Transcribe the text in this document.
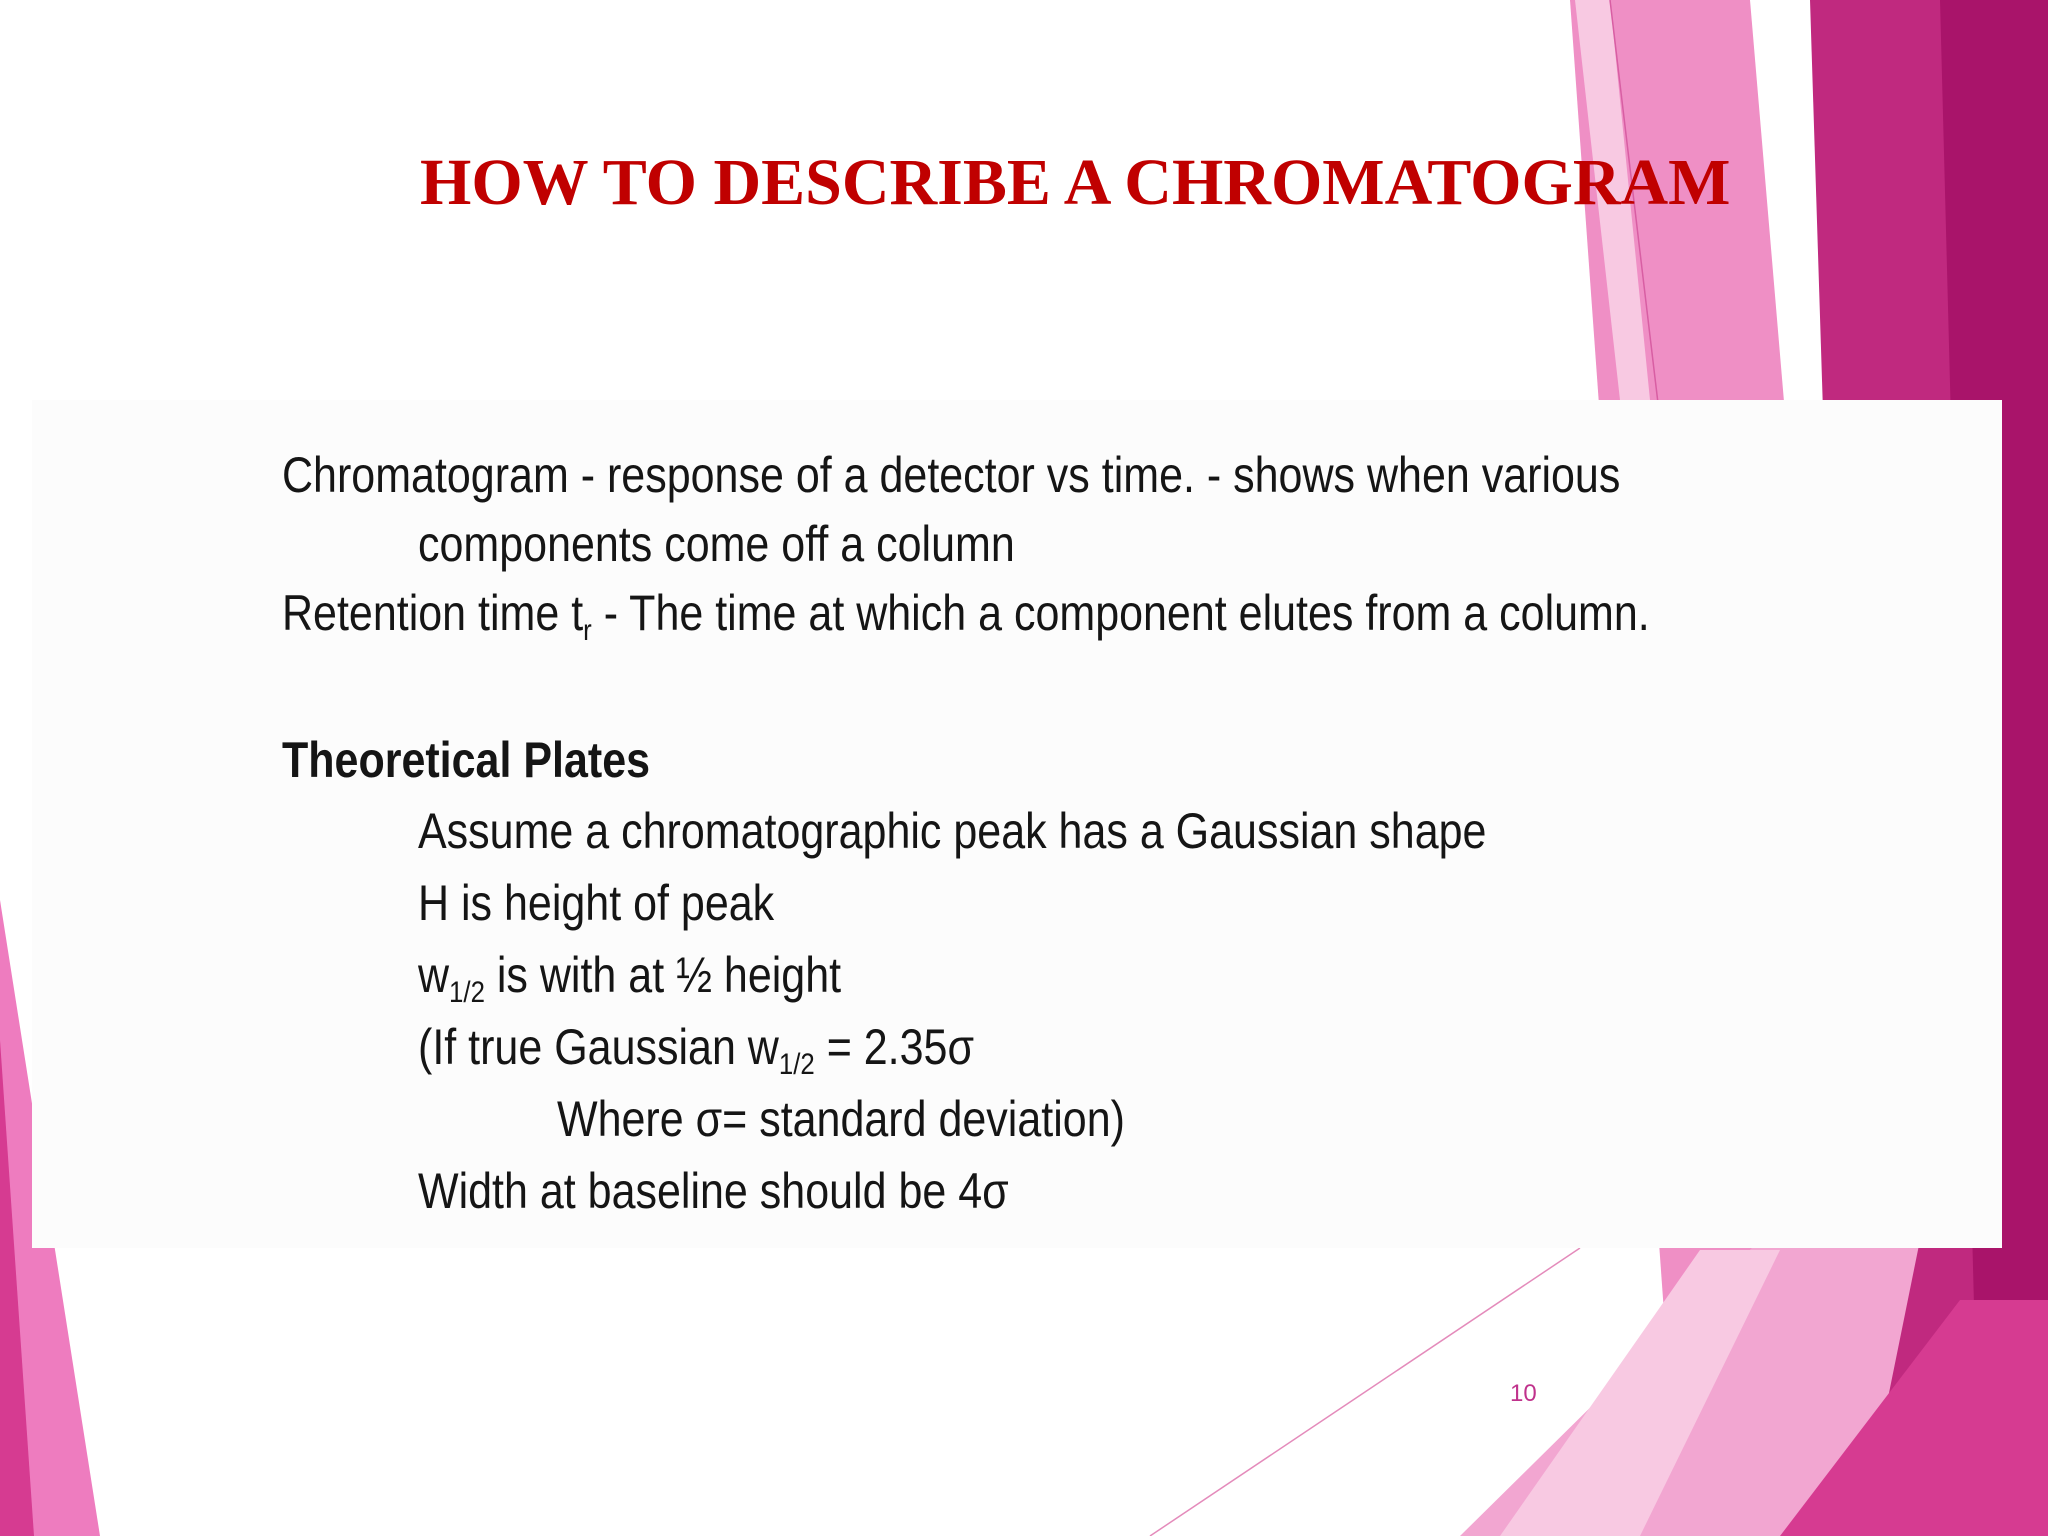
HOW TO DESCRIBE A CHROMATOGRAM

Chromatogram - response of a detector vs time. - shows when various

components come off a column

Retention time $t_r$ - The time at which a component elutes from a column.

Theoretical Plates

Assume a chromatographic peak has a Gaussian shape

H is height of peak

$w_{1/2}$ is with at ½ height

(If true Gaussian $w_{1/2} = 2.35\sigma$

Where σ= standard deviation)

Width at baseline should be 4σ

10
